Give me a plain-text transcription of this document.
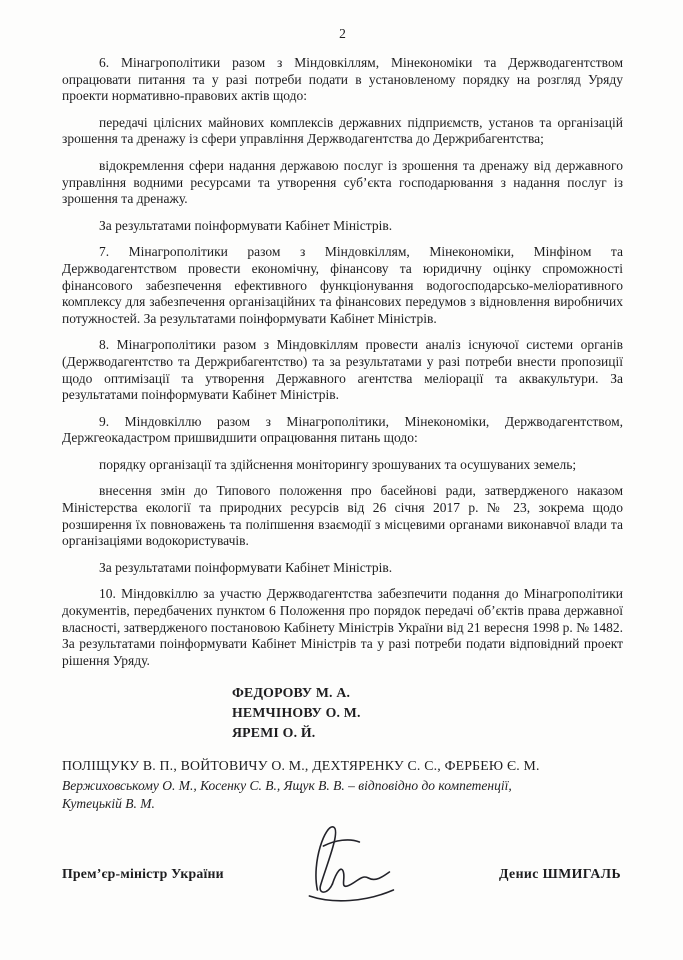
2

6. Мінагрополітики разом з Міндовкіллям, Мінекономіки та Держводагентством опрацювати питання та у разі потреби подати в установленому порядку на розгляд Уряду проекти нормативно-правових актів щодо:

передачі цілісних майнових комплексів державних підприємств, установ та організацій зрошення та дренажу із сфери управління Держводагентства до Держрибагентства;

відокремлення сфери надання державою послуг із зрошення та дренажу від державного управління водними ресурсами та утворення суб’єкта господарювання з надання послуг із зрошення та дренажу.

За результатами поінформувати Кабінет Міністрів.

7. Мінагрополітики разом з Міндовкіллям, Мінекономіки, Мінфіном та Держводагентством провести економічну, фінансову та юридичну оцінку спроможності фінансового забезпечення ефективного функціонування водогосподарсько-меліоративного комплексу для забезпечення організаційних та фінансових передумов з відновлення виробничих потужностей. За результатами поінформувати Кабінет Міністрів.

8. Мінагрополітики разом з Міндовкіллям провести аналіз існуючої системи органів (Держводагентство та Держрибагентство) та за результатами у разі потреби внести пропозиції щодо оптимізації та утворення Державного агентства меліорації та аквакультури. За результатами поінформувати Кабінет Міністрів.

9. Міндовкіллю разом з Мінагрополітики, Мінекономіки, Держводагентством, Держгеокадастром пришвидшити опрацювання питань щодо:

порядку організації та здійснення моніторингу зрошуваних та осушуваних земель;

внесення змін до Типового положення про басейнові ради, затвердженого наказом Міністерства екології та природних ресурсів від 26 січня 2017 р. № 23, зокрема щодо розширення їх повноважень та поліпшення взаємодії з місцевими органами виконавчої влади та організаціями водокористувачів.

За результатами поінформувати Кабінет Міністрів.

10. Міндовкіллю за участю Держводагентства забезпечити подання до Мінагрополітики документів, передбачених пунктом 6 Положення про порядок передачі об’єктів права державної власності, затвердженого постановою Кабінету Міністрів України від 21 вересня 1998 р. № 1482. За результатами поінформувати Кабінет Міністрів та у разі потреби подати відповідний проект рішення Уряду.

ФЕДОРОВУ М. А.
НЕМЧІНОВУ О. М.
ЯРЕМІ О. Й.
ПОЛІЩУКУ В. П., ВОЙТОВИЧУ О. М., ДЕХТЯРЕНКУ С. С., ФЕРБЕЮ Є. М.
Вержиховському О. М., Косенку С. В., Ящук В. В. – відповідно до компетенції,
Кутецькій В. М.
Прем’єр-міністр України	Денис ШМИГАЛЬ
